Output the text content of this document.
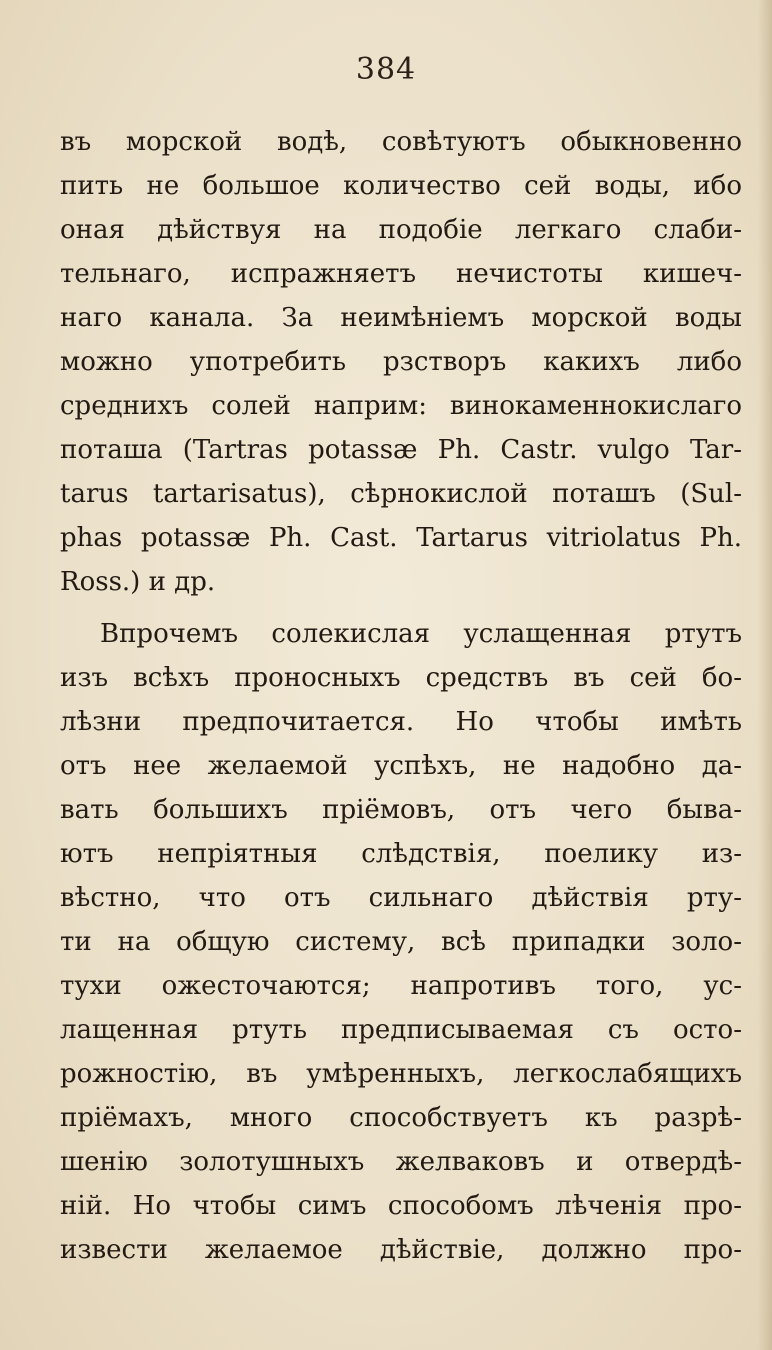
384
въ морской водѣ, совѣтуютъ обыкновенно
пить не большое количество сей воды, ибо
оная дѣйствуя на подобіе легкаго слаби-
тельнаго, испражняетъ нечистоты кишеч-
наго канала. За неимѣніемъ морской воды
можно употребить рзстворъ какихъ либо
среднихъ солей наприм: винокаменнокислаго
поташа (Tartras potassæ Ph. Castr. vulgo Tar-
tarus tartarisatus), сѣрнокислой поташъ (Sul-
phas potassæ Ph. Cast. Tartarus vitriolatus Ph.
Ross.) и др.
Впрочемъ солекислая услащенная ртутъ
изъ всѣхъ проносныхъ средствъ въ сей бо-
лѣзни предпочитается. Но чтобы имѣть
отъ нее желаемой успѣхъ, не надобно да-
вать большихъ пріёмовъ, отъ чего быва-
ютъ непріятныя слѣдствія, поелику из-
вѣстно, что отъ сильнаго дѣйствія рту-
ти на общую систему, всѣ припадки золо-
тухи ожесточаются; напротивъ того, ус-
лащенная ртуть предписываемая съ осто-
рожностію, въ умѣренныхъ, легкослабящихъ
пріёмахъ, много способствуетъ къ разрѣ-
шенію золотушныхъ желваковъ и отвердѣ-
ній. Но чтобы симъ способомъ лѣченія про-
извести желаемое дѣйствіе, должно про-
